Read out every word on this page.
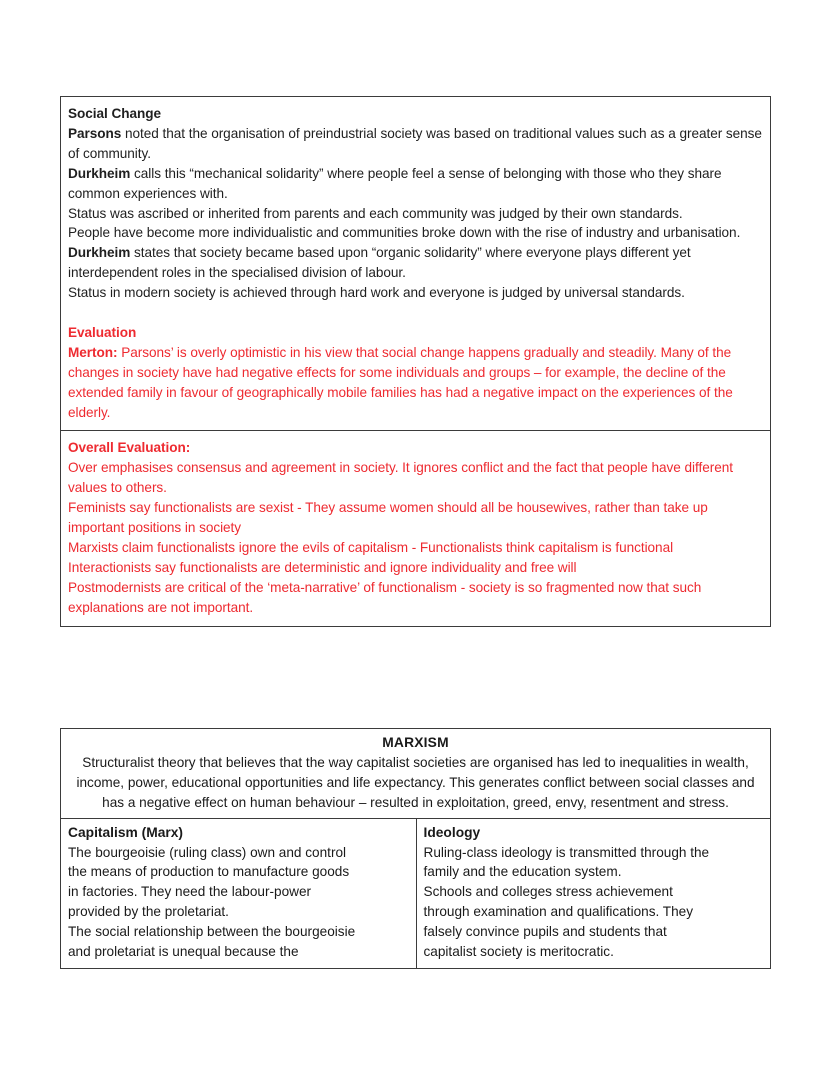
Social Change
Parsons noted that the organisation of preindustrial society was based on traditional values such as a greater sense of community.
Durkheim calls this “mechanical solidarity” where people feel a sense of belonging with those who they share common experiences with.
Status was ascribed or inherited from parents and each community was judged by their own standards.
People have become more individualistic and communities broke down with the rise of industry and urbanisation.
Durkheim states that society became based upon “organic solidarity” where everyone plays different yet interdependent roles in the specialised division of labour.
Status in modern society is achieved through hard work and everyone is judged by universal standards.
Evaluation
Merton: Parsons’ is overly optimistic in his view that social change happens gradually and steadily. Many of the changes in society have had negative effects for some individuals and groups – for example, the decline of the extended family in favour of geographically mobile families has had a negative impact on the experiences of the elderly.
Overall Evaluation:
Over emphasises consensus and agreement in society. It ignores conflict and the fact that people have different values to others.
Feminists say functionalists are sexist - They assume women should all be housewives, rather than take up important positions in society
Marxists claim functionalists ignore the evils of capitalism - Functionalists think capitalism is functional
Interactionists say functionalists are deterministic and ignore individuality and free will
Postmodernists are critical of the ‘meta-narrative’ of functionalism - society is so fragmented now that such explanations are not important.
MARXISM
Structuralist theory that believes that the way capitalist societies are organised has led to inequalities in wealth, income, power, educational opportunities and life expectancy. This generates conflict between social classes and has a negative effect on human behaviour – resulted in exploitation, greed, envy, resentment and stress.
Capitalism (Marx)
The bourgeoisie (ruling class) own and control
the means of production to manufacture goods
in factories. They need the labour-power
provided by the proletariat.
The social relationship between the bourgeoisie
and proletariat is unequal because the
Ideology
Ruling-class ideology is transmitted through the
family and the education system.
Schools and colleges stress achievement
through examination and qualifications. They
falsely convince pupils and students that
capitalist society is meritocratic.
